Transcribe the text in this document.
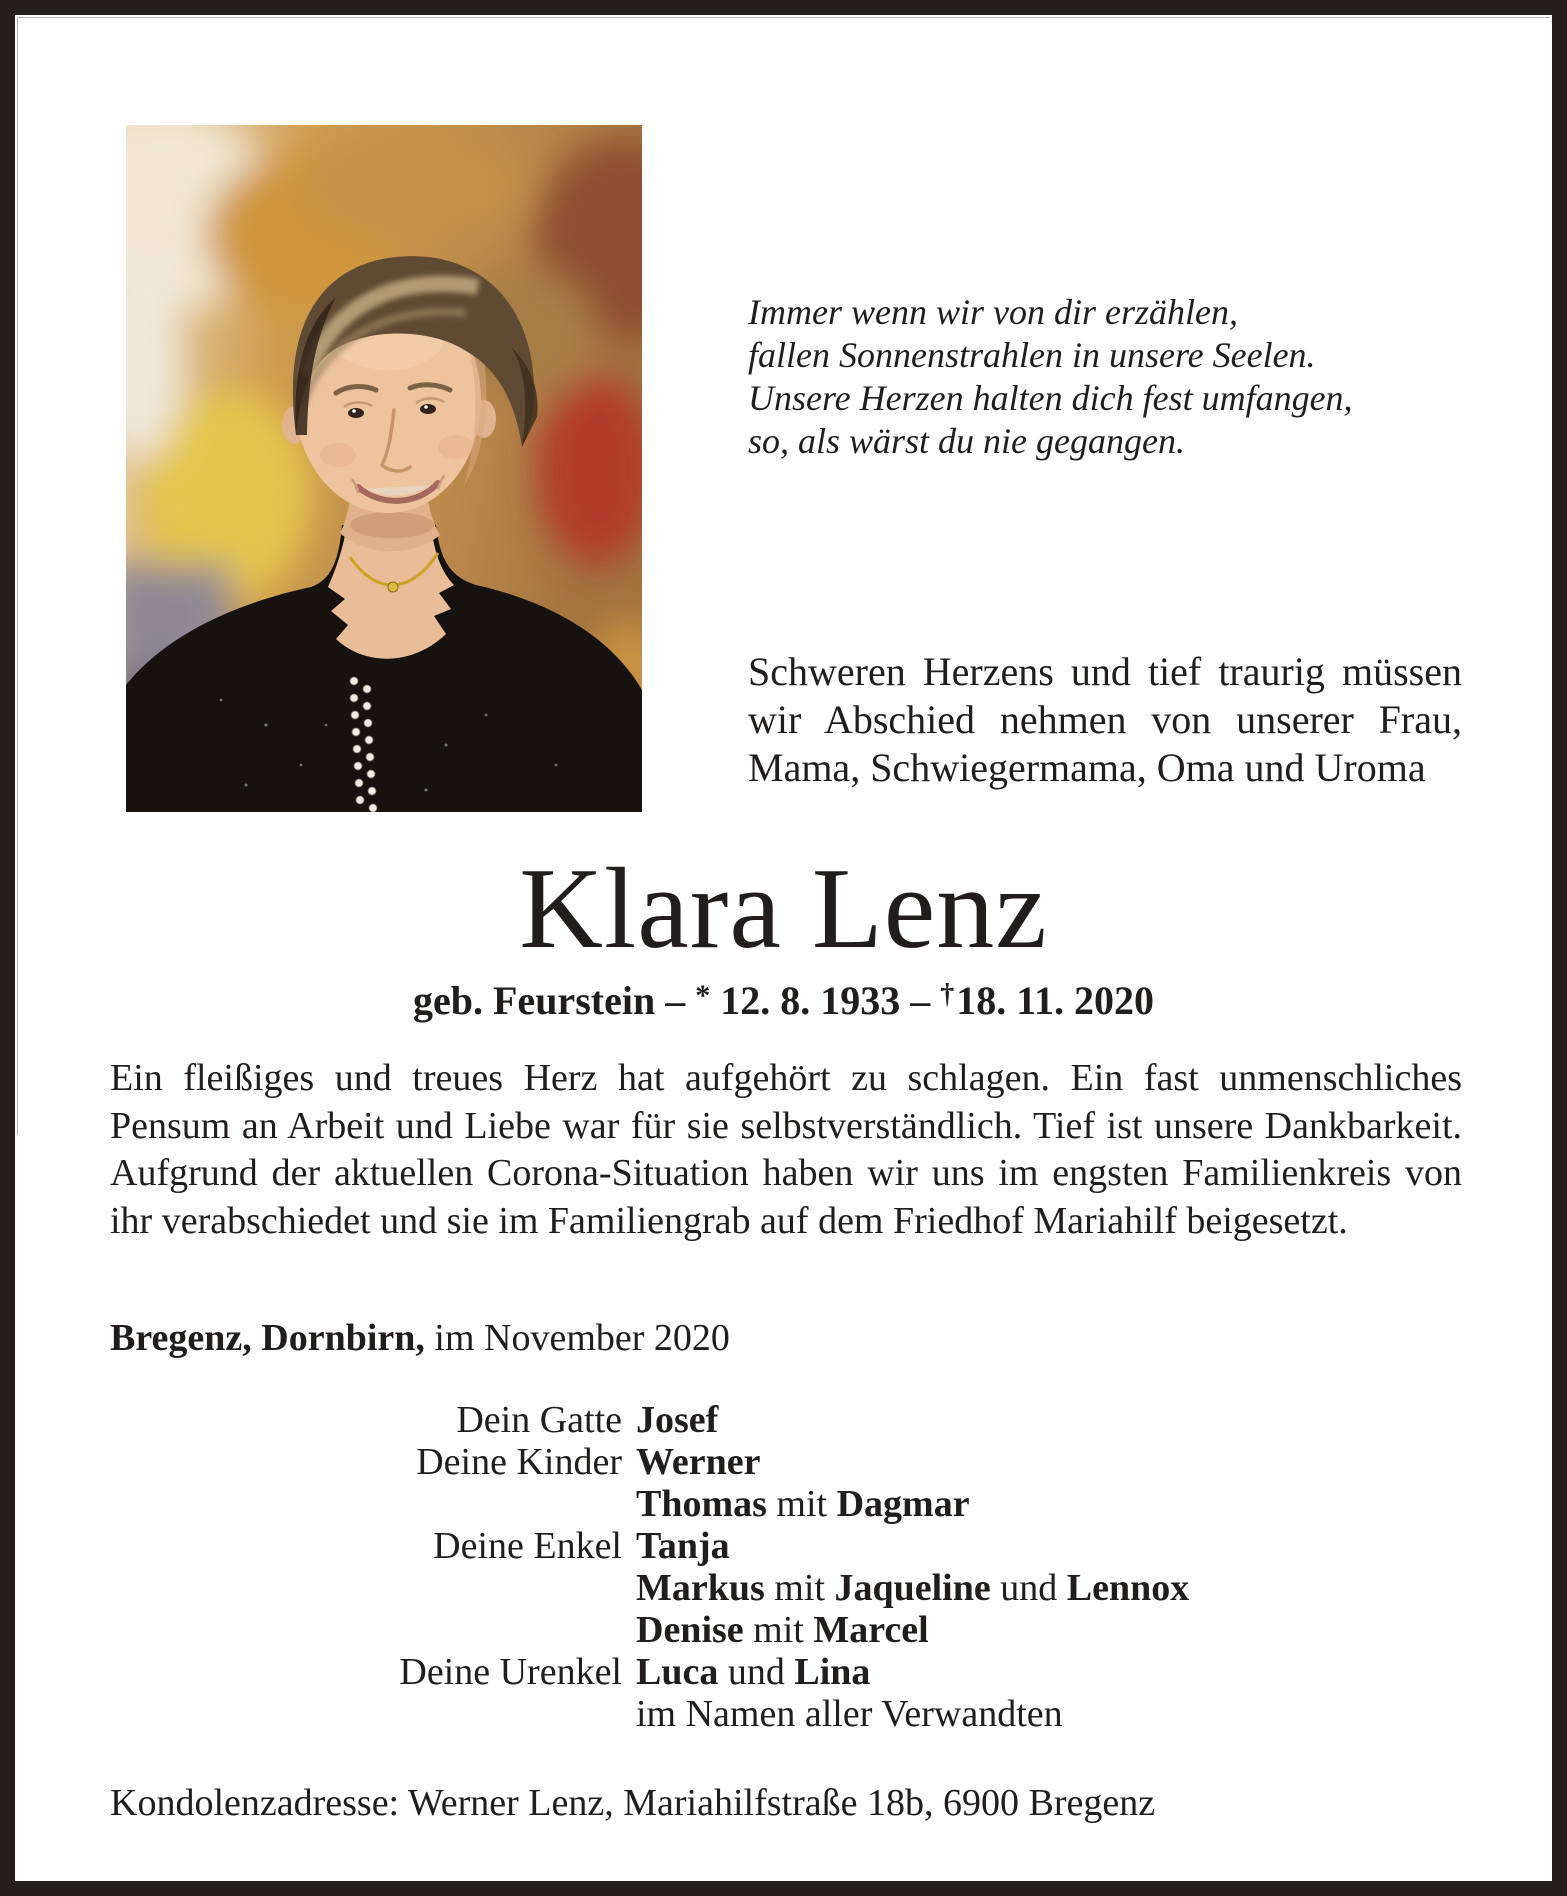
Immer wenn wir von dir erzählen,
fallen Sonnenstrahlen in unsere Seelen.
Unsere Herzen halten dich fest umfangen,
so, als wärst du nie gegangen.
Schweren Herzens und tief traurig müssen wir Abschied nehmen von unserer Frau, Mama, Schwiegermama, Oma und Uroma
Klara Lenz
geb. Feurstein – * 12. 8. 1933 – †18. 11. 2020
Ein fleißiges und treues Herz hat aufgehört zu schlagen. Ein fast unmenschliches Pensum an Arbeit und Liebe war für sie selbstverständlich. Tief ist unsere Dankbarkeit. Aufgrund der aktuellen Corona-Situation haben wir uns im engsten Familienkreis von ihr verabschiedet und sie im Familiengrab auf dem Friedhof Mariahilf beigesetzt.
Bregenz, Dornbirn, im November 2020
Dein Gatte Josef
Deine Kinder Werner
Thomas mit Dagmar
Deine Enkel Tanja
Markus mit Jaqueline und Lennox
Denise mit Marcel
Deine Urenkel Luca und Lina
im Namen aller Verwandten
Kondolenzadresse: Werner Lenz, Mariahilfstraße 18b, 6900 Bregenz
